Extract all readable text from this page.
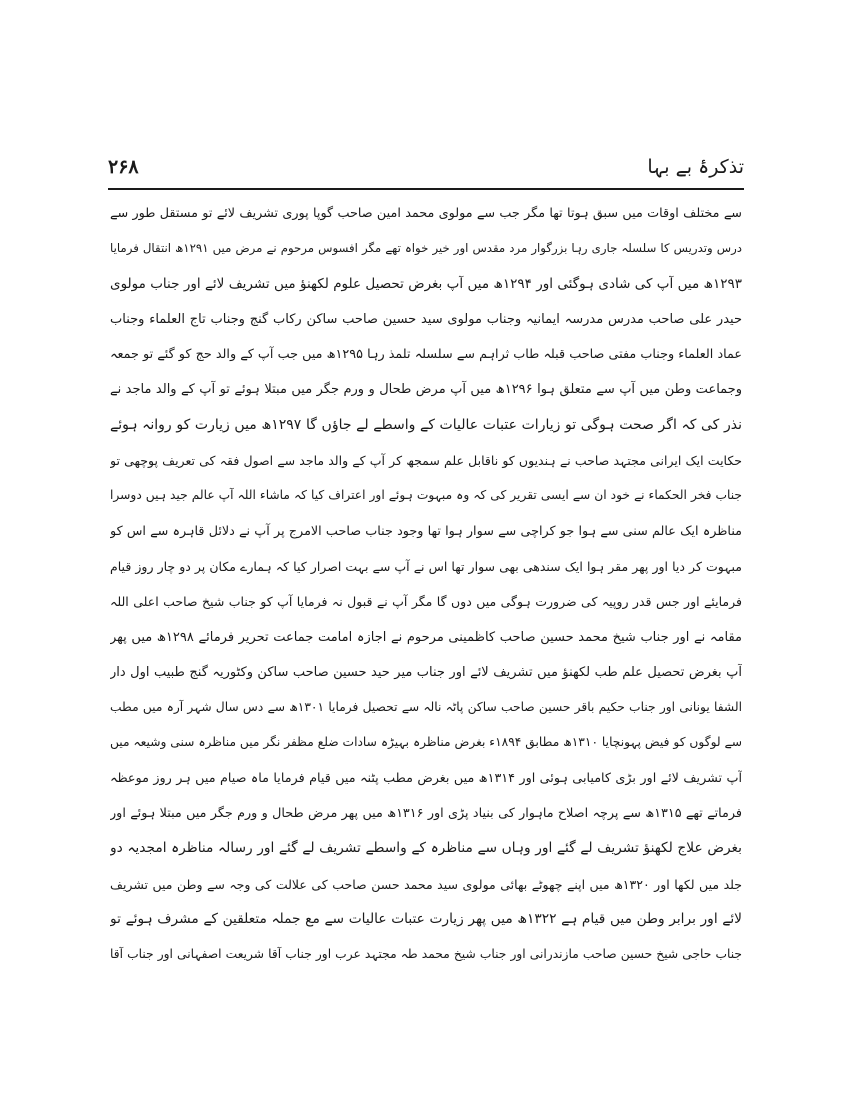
۲۶۸	تذکرۂ بے بہا
سے مختلف اوقات میں سبق ہوتا تھا مگر جب سے مولوی محمد امین صاحب گوپا پوری تشریف لائے تو مستقل طور سے
درس وتدریس کا سلسلہ جاری رہا بزرگوار مرد مقدس اور خیر خواہ تھے مگر افسوس مرحوم نے مرض میں ۱۲۹۱ھ انتقال فرمایا
۱۲۹۳ھ میں آپ کی شادی ہوگئی اور ۱۲۹۴ھ میں آپ بغرض تحصیل علوم لکھنؤ میں تشریف لائے اور جناب مولوی
حیدر علی صاحب مدرس مدرسہ ایمانیہ وجناب مولوی سید حسین صاحب ساکن رکاب گنج وجناب تاج العلماء وجناب
عماد العلماء وجناب مفتی صاحب قبلہ طاب ثراہم سے سلسلہ تلمذ رہا ۱۲۹۵ھ میں جب آپ کے والد حج کو گئے تو جمعہ
وجماعت وطن میں آپ سے متعلق ہوا ۱۲۹۶ھ میں آپ مرض طحال و ورم جگر میں مبتلا ہوئے تو آپ کے والد ماجد نے
نذر کی کہ اگر صحت ہوگی تو زیارات عتبات عالیات کے واسطے لے جاؤں گا ۱۲۹۷ھ میں زیارت کو روانہ ہوئے
حکایت ایک ایرانی مجتہد صاحب نے ہندیوں کو ناقابل علم سمجھ کر آپ کے والد ماجد سے اصول فقہ کی تعریف پوچھی تو
جناب فخر الحکماء نے خود ان سے ایسی تقریر کی کہ وہ مبہوت ہوئے اور اعتراف کیا کہ ماشاء اللہ آپ عالم جید ہیں دوسرا
مناظرہ ایک عالم سنی سے ہوا جو کراچی سے سوار ہوا تھا وجود جناب صاحب الامرج پر آپ نے دلائل قاہرہ سے اس کو
مبہوت کر دیا اور پھر مقر ہوا ایک سندھی بھی سوار تھا اس نے آپ سے بہت اصرار کیا کہ ہمارے مکان پر دو چار روز قیام
فرمایئے اور جس قدر روپیہ کی ضرورت ہوگی میں دوں گا مگر آپ نے قبول نہ فرمایا آپ کو جناب شیخ صاحب اعلی اللہ
مقامہ نے اور جناب شیخ محمد حسین صاحب کاظمینی مرحوم نے اجازہ امامت جماعت تحریر فرمائے ۱۲۹۸ھ میں پھر
آپ بغرض تحصیل علم طب لکھنؤ میں تشریف لائے اور جناب میر حید حسین صاحب ساکن وکٹوریہ گنج طبیب اول دار
الشفا یونانی اور جناب حکیم باقر حسین صاحب ساکن پاٹہ نالہ سے تحصیل فرمایا ۱۳۰۱ھ سے دس سال شہر آرہ میں مطب
سے لوگوں کو فیض پہونچایا ۱۳۱۰ھ مطابق ۱۸۹۴ء بغرض مناظرہ بہیڑہ سادات ضلع مظفر نگر میں مناظرہ سنی وشیعہ میں
آپ تشریف لائے اور بڑی کامیابی ہوئی اور ۱۳۱۴ھ میں بغرض مطب پٹنہ میں قیام فرمایا ماہ صیام میں ہر روز موعظہ
فرماتے تھے ۱۳۱۵ھ سے پرچہ اصلاح ماہوار کی بنیاد پڑی اور ۱۳۱۶ھ میں پھر مرض طحال و ورم جگر میں مبتلا ہوئے اور
بغرض علاج لکھنؤ تشریف لے گئے اور وہاں سے مناظرہ کے واسطے تشریف لے گئے اور رسالہ مناظرہ امجدیہ دو
جلد میں لکھا اور ۱۳۲۰ھ میں اپنے چھوٹے بھائی مولوی سید محمد حسن صاحب کی علالت کی وجہ سے وطن میں تشریف
لائے اور برابر وطن میں قیام ہے ۱۳۲۲ھ میں پھر زیارت عتبات عالیات سے مع جملہ متعلقین کے مشرف ہوئے تو
جناب حاجی شیخ حسین صاحب مازندرانی اور جناب شیخ محمد طہ مجتہد عرب اور جناب آقا شریعت اصفہانی اور جناب آقا
